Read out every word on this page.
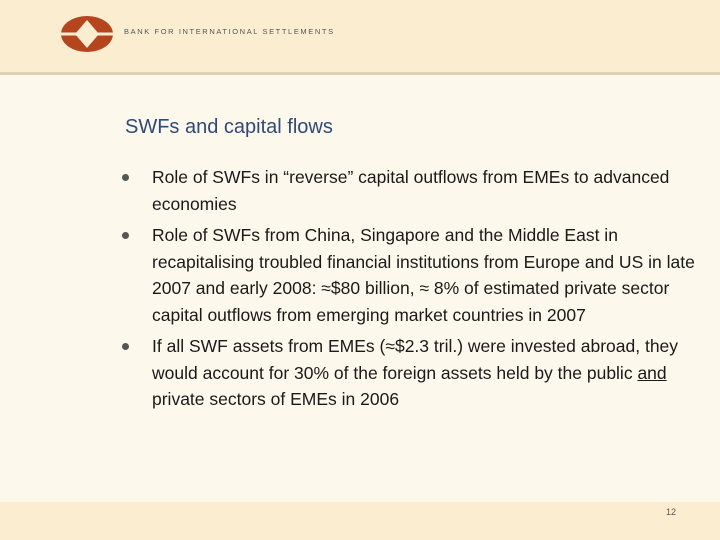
BANK FOR INTERNATIONAL SETTLEMENTS
SWFs and capital flows
Role of SWFs in “reverse” capital outflows from EMEs to advanced economies
Role of SWFs from China, Singapore and the Middle East in recapitalising troubled financial institutions from Europe and US in late 2007 and early 2008: ≈$80 billion, ≈ 8% of estimated private sector capital outflows from emerging market countries in 2007
If all SWF assets from EMEs (≈$2.3 tril.) were invested abroad, they would account for 30% of the foreign assets held by the public and private sectors of EMEs in 2006
12
